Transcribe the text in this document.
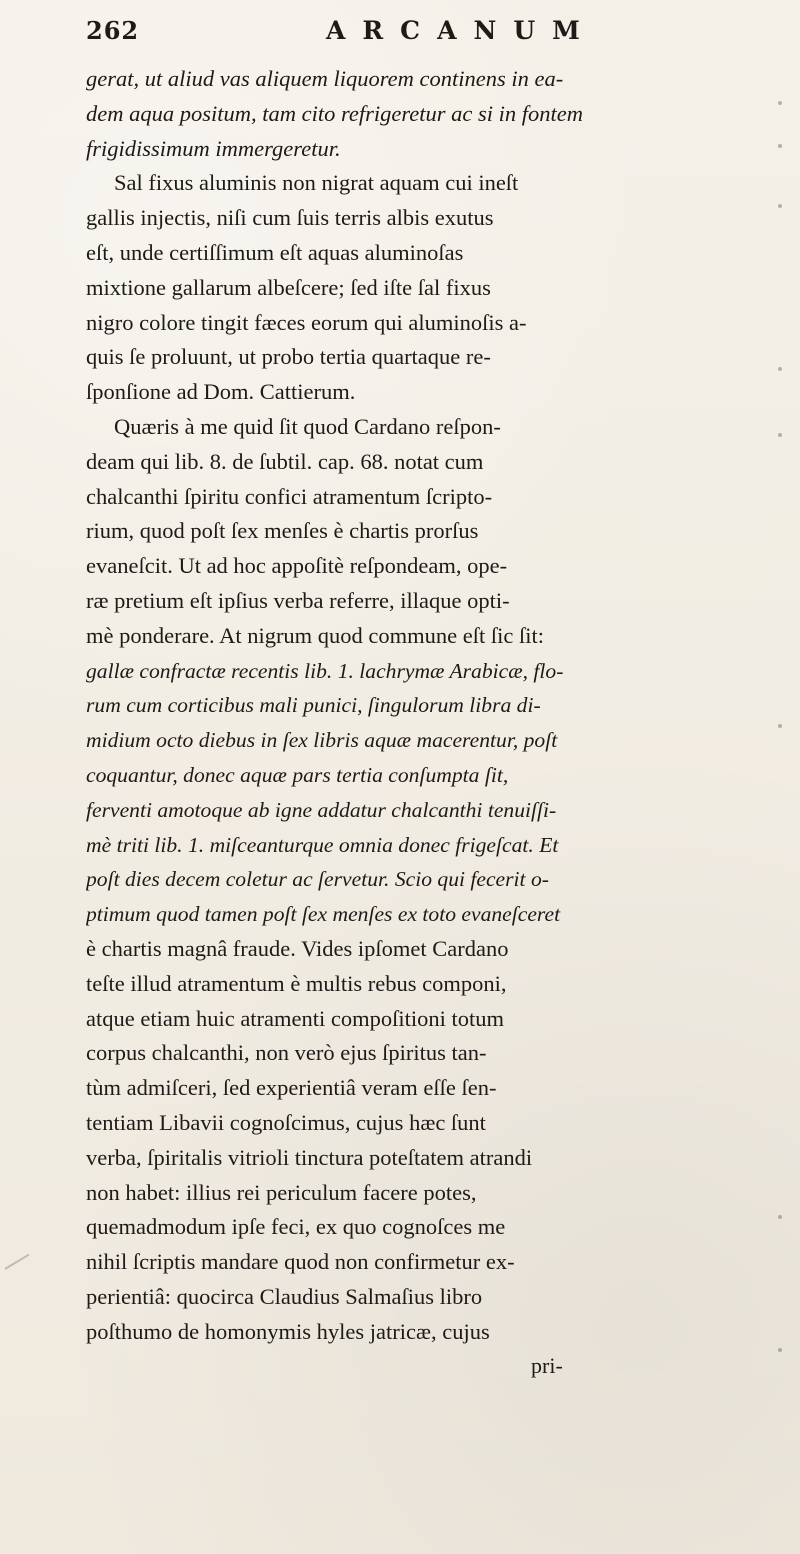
262	ARCANUM
gerat, ut aliud vas aliquem liquorem continens in ea-
dem aqua positum, tam cito refrigeretur ac si in fontem
frigidissimum immergeretur.
Sal fixus aluminis non nigrat aquam cui ineſt
gallis injectis, niſi cum ſuis terris albis exutus
eſt, unde certiſſimum eſt aquas aluminoſas
mixtione gallarum albeſcere; ſed iſte ſal fixus
nigro colore tingit fæces eorum qui aluminoſis a-
quis ſe proluunt, ut probo tertia quartaque re-
ſponſione ad Dom. Cattierum.
Quæris à me quid ſit quod Cardano reſpon-
deam qui lib. 8. de ſubtil. cap. 68. notat cum
chalcanthi ſpiritu confici atramentum ſcripto-
rium, quod poſt ſex menſes è chartis prorſus
evaneſcit. Ut ad hoc appoſitè reſpondeam, ope-
ræ pretium eſt ipſius verba referre, illaque opti-
mè ponderare. At nigrum quod commune eſt ſic ſit:
gallæ confractæ recentis lib. 1. lachrymæ Arabicæ, flo-
rum cum corticibus mali punici, ſingulorum libra di-
midium octo diebus in ſex libris aquæ macerentur, poſt
coquantur, donec aquæ pars tertia conſumpta ſit,
ferventi amotoque ab igne addatur chalcanthi tenuiſſi-
mè triti lib. 1. miſceanturque omnia donec frigeſcat. Et
poſt dies decem coletur ac ſervetur. Scio qui fecerit o-
ptimum quod tamen poſt ſex menſes ex toto evaneſceret
è chartis magnâ fraude. Vides ipſomet Cardano
teſte illud atramentum è multis rebus componi,
atque etiam huic atramenti compoſitioni totum
corpus chalcanthi, non verò ejus ſpiritus tan-
tùm admiſceri, ſed experientiâ veram eſſe ſen-
tentiam Libavii cognoſcimus, cujus hæc ſunt
verba, ſpiritalis vitrioli tinctura poteſtatem atrandi
non habet: illius rei periculum facere potes,
quemadmodum ipſe feci, ex quo cognoſces me
nihil ſcriptis mandare quod non confirmetur ex-
perientiâ: quocirca Claudius Salmaſius libro
poſthumo de homonymis hyles jatricæ, cujus
pri-
